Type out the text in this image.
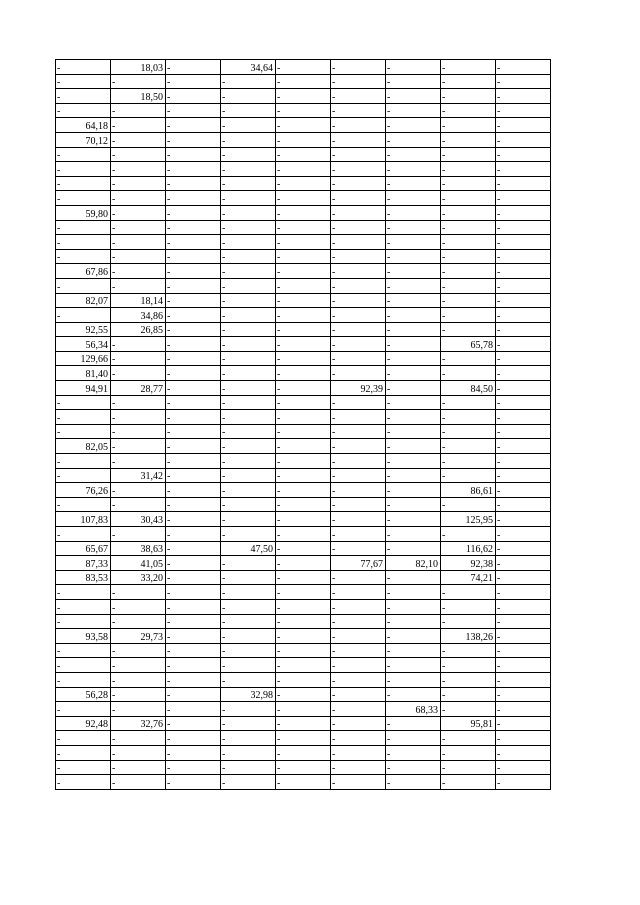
-	18,03	-	34,64	-	-	-	-	-
-	-	-	-	-	-	-	-	-
-	18,50	-	-	-	-	-	-	-
-	-	-	-	-	-	-	-	-
64,18	-	-	-	-	-	-	-	-
70,12	-	-	-	-	-	-	-	-
-	-	-	-	-	-	-	-	-
-	-	-	-	-	-	-	-	-
-	-	-	-	-	-	-	-	-
-	-	-	-	-	-	-	-	-
59,80	-	-	-	-	-	-	-	-
-	-	-	-	-	-	-	-	-
-	-	-	-	-	-	-	-	-
-	-	-	-	-	-	-	-	-
67,86	-	-	-	-	-	-	-	-
-	-	-	-	-	-	-	-	-
82,07	18,14	-	-	-	-	-	-	-
-	34,86	-	-	-	-	-	-	-
92,55	26,85	-	-	-	-	-	-	-
56,34	-	-	-	-	-	-	65,78	-
129,66	-	-	-	-	-	-	-	-
81,40	-	-	-	-	-	-	-	-
94,91	28,77	-	-	-	92,39	-	84,50	-
-	-	-	-	-	-	-	-	-
-	-	-	-	-	-	-	-	-
-	-	-	-	-	-	-	-	-
82,05	-	-	-	-	-	-	-	-
-	-	-	-	-	-	-	-	-
-	31,42	-	-	-	-	-	-	-
76,26	-	-	-	-	-	-	86,61	-
-	-	-	-	-	-	-	-	-
107,83	30,43	-	-	-	-	-	125,95	-
-	-	-	-	-	-	-	-	-
65,67	38,63	-	47,50	-	-	-	116,62	-
87,33	41,05	-	-	-	77,67	82,10	92,38	-
83,53	33,20	-	-	-	-	-	74,21	-
-	-	-	-	-	-	-	-	-
-	-	-	-	-	-	-	-	-
-	-	-	-	-	-	-	-	-
93,58	29,73	-	-	-	-	-	138,26	-
-	-	-	-	-	-	-	-	-
-	-	-	-	-	-	-	-	-
-	-	-	-	-	-	-	-	-
56,28	-	-	32,98	-	-	-	-	-
-	-	-	-	-	-	68,33	-	-
92,48	32,76	-	-	-	-	-	95,81	-
-	-	-	-	-	-	-	-	-
-	-	-	-	-	-	-	-	-
-	-	-	-	-	-	-	-	-
-	-	-	-	-	-	-	-	-
